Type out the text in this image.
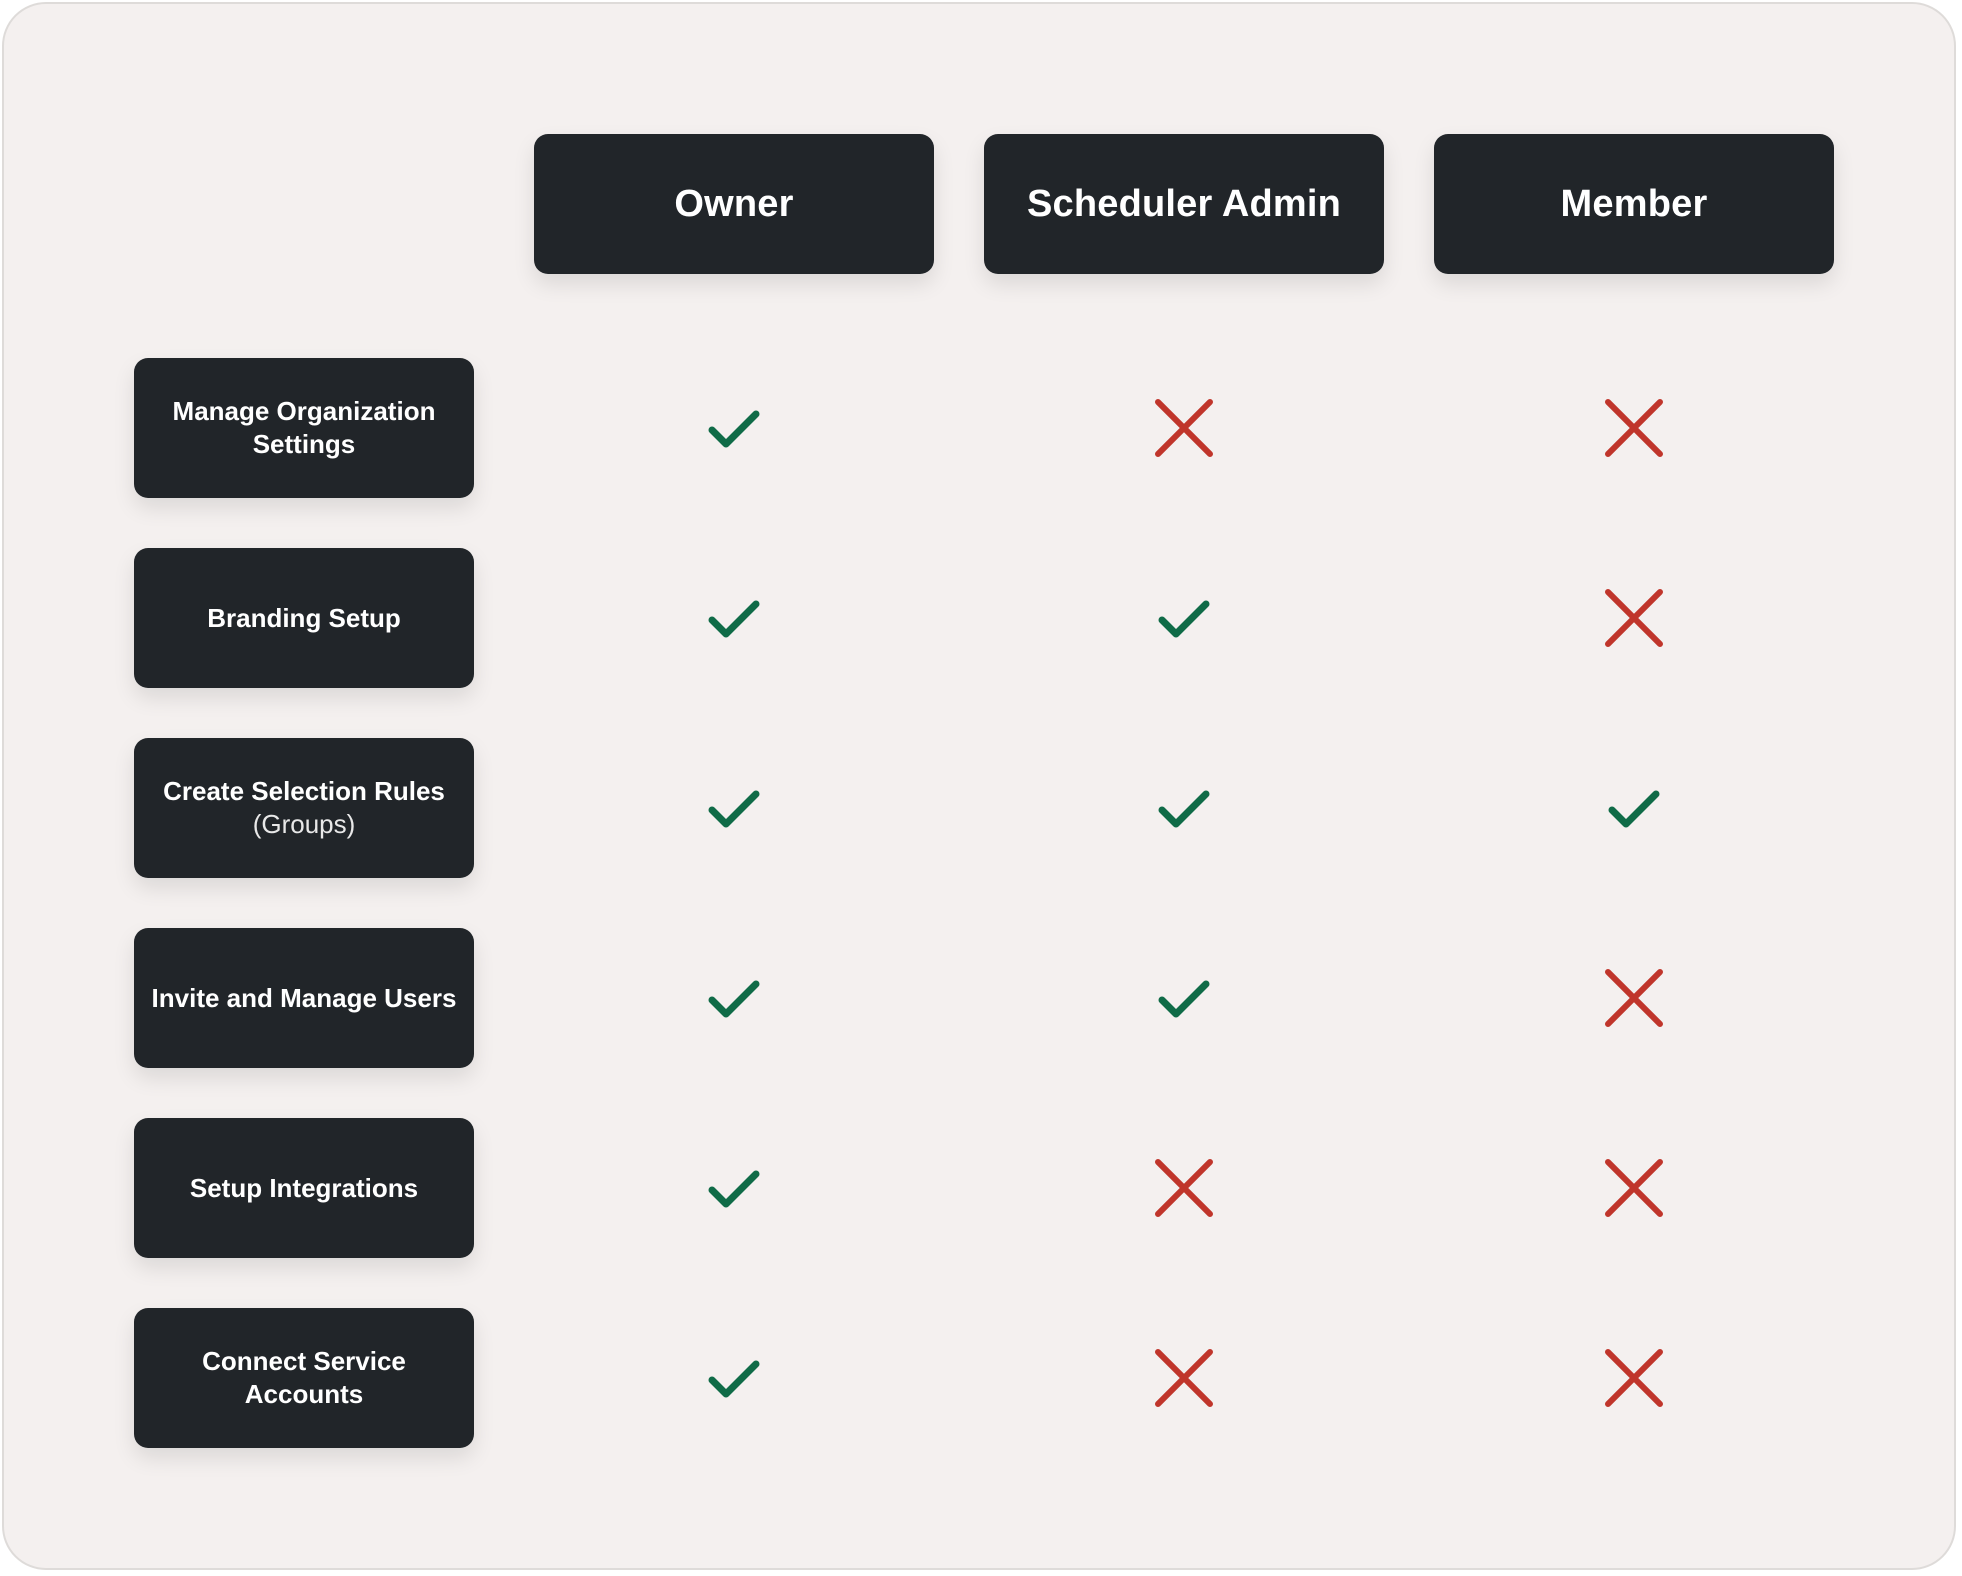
Owner	Scheduler Admin	Member
Manage Organization Settings
Branding Setup
Create Selection Rules
(Groups)
Invite and Manage Users
Setup Integrations
Connect Service Accounts
